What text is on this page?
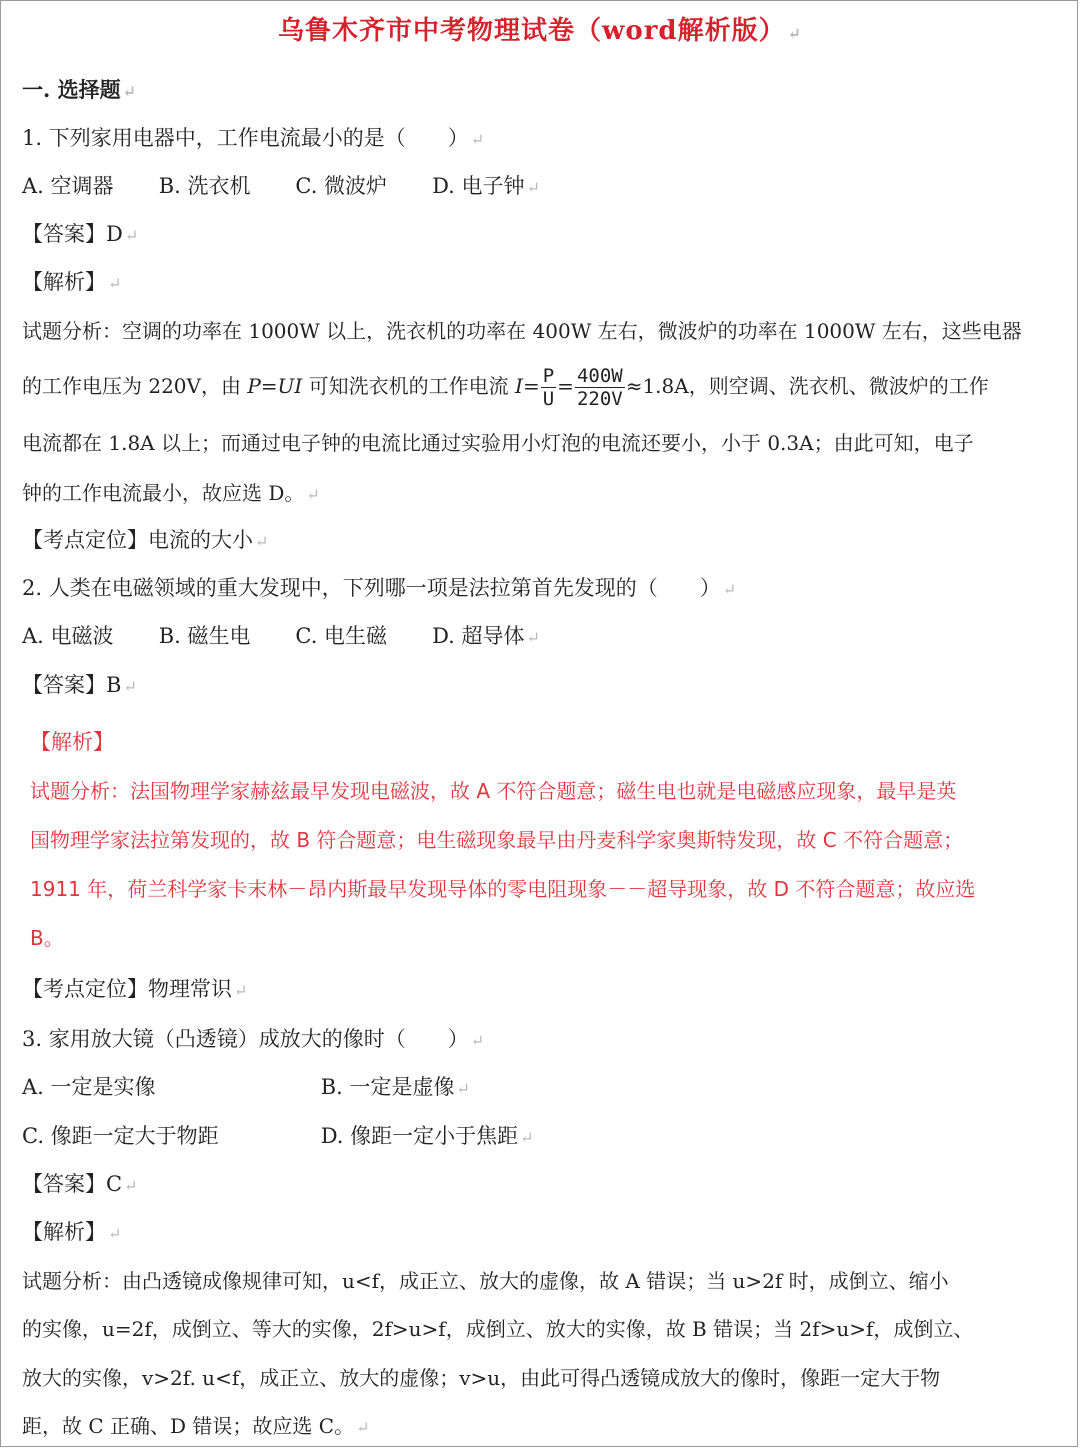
乌鲁木齐市中考物理试卷（word解析版） ↵
一. 选择题 ↵
1. 下列家用电器中，工作电流最小的是（　　） ↵
A. 空调器 B. 洗衣机 C. 微波炉 D. 电子钟 ↵
【答案】D ↵
【解析】 ↵
试题分析：空调的功率在 1000W 以上，洗衣机的功率在 400W 左右，微波炉的功率在 1000W 左右，这些电器
的工作电压为 220V，由 P=UI 可知洗衣机的工作电流 $I= \frac{P}{U} = \frac{400W}{220V} \approx 1.8A$，则空调、洗衣机、微波炉的工作
电流都在 1.8A 以上；而通过电子钟的电流比通过实验用小灯泡的电流还要小，小于 0.3A；由此可知，电子
钟的工作电流最小，故应选 D。 ↵
【考点定位】电流的大小 ↵
2. 人类在电磁领域的重大发现中，下列哪一项是法拉第首先发现的（　　） ↵
A. 电磁波 B. 磁生电 C. 电生磁 D. 超导体 ↵
【答案】B ↵
【解析】
试题分析：法国物理学家赫兹最早发现电磁波，故 A 不符合题意；磁生电也就是电磁感应现象，最早是英
国物理学家法拉第发现的，故 B 符合题意；电生磁现象最早由丹麦科学家奥斯特发现，故 C 不符合题意；
1911 年，荷兰科学家卡末林－昂内斯最早发现导体的零电阻现象－－超导现象，故 D 不符合题意；故应选
B。
【考点定位】物理常识 ↵
3. 家用放大镜（凸透镜）成放大的像时（　　） ↵
A. 一定是实像	B. 一定是虚像 ↵
C. 像距一定大于物距	D. 像距一定小于焦距 ↵
【答案】C ↵
【解析】 ↵
试题分析：由凸透镜成像规律可知，u<f，成正立、放大的虚像，故 A 错误；当 u>2f 时，成倒立、缩小
的实像，u=2f，成倒立、等大的实像，2f>u>f，成倒立、放大的实像，故 B 错误；当 2f>u>f，成倒立、
放大的实像，v>2f. u<f，成正立、放大的虚像；v>u，由此可得凸透镜成放大的像时，像距一定大于物
距，故 C 正确、D 错误；故应选 C。 ↵
